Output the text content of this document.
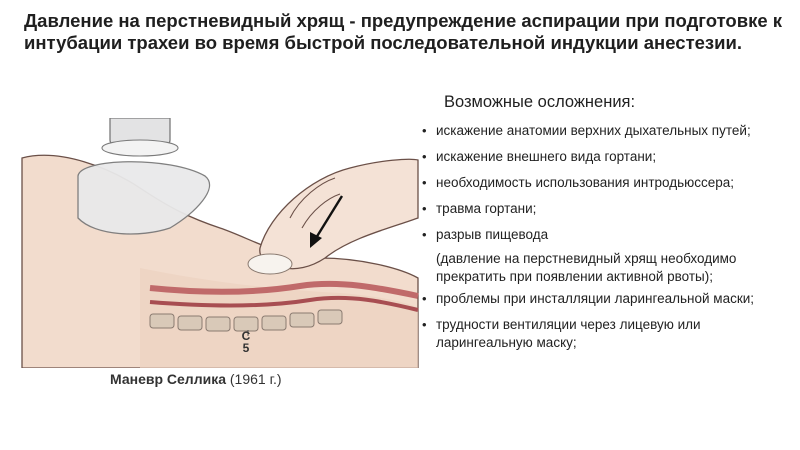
Давление на перстневидный хрящ - предупреждение аспирации при подготовке к интубации трахеи во время быстрой последовательной индукции анестезии.
С
5
Маневр Селлика (1961 г.)
Возможные осложнения:
• искажение анатомии верхних дыхательных путей;
• искажение внешнего вида гортани;
• необходимость использования интродьюссера;
• травма гортани;
• разрыв пищевода
(давление на перстневидный хрящ необходимо прекратить при появлении активной рвоты);
• проблемы при инсталляции ларингеальной маски;
• трудности вентиляции через лицевую или ларингеальную маску;
